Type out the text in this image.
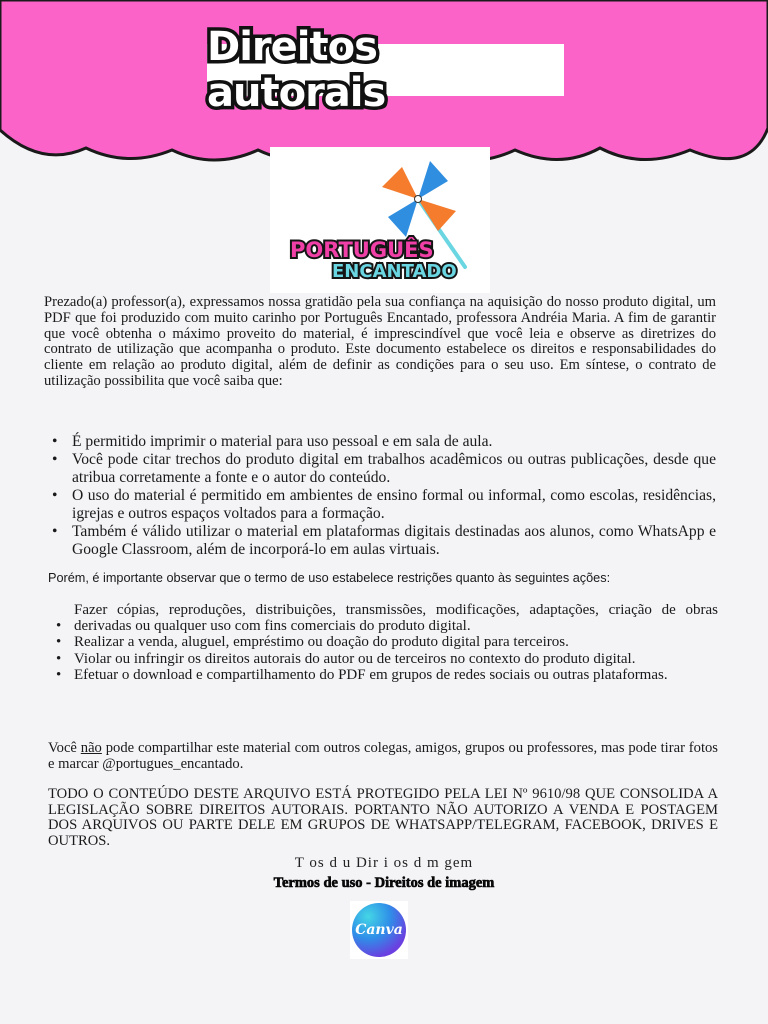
Direitos autorais
PORTUGUÊS
ENCANTADO

Prezado(a) professor(a), expressamos nossa gratidão pela sua confiança na aquisição do nosso produto digital, um PDF que foi produzido com muito carinho por Português Encantado, professora Andréia Maria. A fim de garantir que você obtenha o máximo proveito do material, é imprescindível que você leia e observe as diretrizes do contrato de utilização que acompanha o produto. Este documento estabelece os direitos e responsabilidades do cliente em relação ao produto digital, além de definir as condições para o seu uso. Em síntese, o contrato de utilização possibilita que você saiba que:

• É permitido imprimir o material para uso pessoal e em sala de aula.
• Você pode citar trechos do produto digital em trabalhos acadêmicos ou outras publicações, desde que atribua corretamente a fonte e o autor do conteúdo.
• O uso do material é permitido em ambientes de ensino formal ou informal, como escolas, residências, igrejas e outros espaços voltados para a formação.
• Também é válido utilizar o material em plataformas digitais destinadas aos alunos, como WhatsApp e Google Classroom, além de incorporá-lo em aulas virtuais.

Porém, é importante observar que o termo de uso estabelece restrições quanto às seguintes ações:

• Fazer cópias, reproduções, distribuições, transmissões, modificações, adaptações, criação de obras derivadas ou qualquer uso com fins comerciais do produto digital.
• Realizar a venda, aluguel, empréstimo ou doação do produto digital para terceiros.
• Violar ou infringir os direitos autorais do autor ou de terceiros no contexto do produto digital.
• Efetuar o download e compartilhamento do PDF em grupos de redes sociais ou outras plataformas.

Você não pode compartilhar este material com outros colegas, amigos, grupos ou professores, mas pode tirar fotos e marcar @portugues_encantado.

TODO O CONTEÚDO DESTE ARQUIVO ESTÁ PROTEGIDO PELA LEI Nº 9610/98 QUE CONSOLIDA A LEGISLAÇÃO SOBRE DIREITOS AUTORAIS. PORTANTO NÃO AUTORIZO A VENDA E POSTAGEM DOS ARQUIVOS OU PARTE DELE EM GRUPOS DE WHATSAPP/TELEGRAM, FACEBOOK, DRIVES E OUTROS.

T os d u Dir i os d m gem

Termos de uso - Direitos de imagem

Canva
